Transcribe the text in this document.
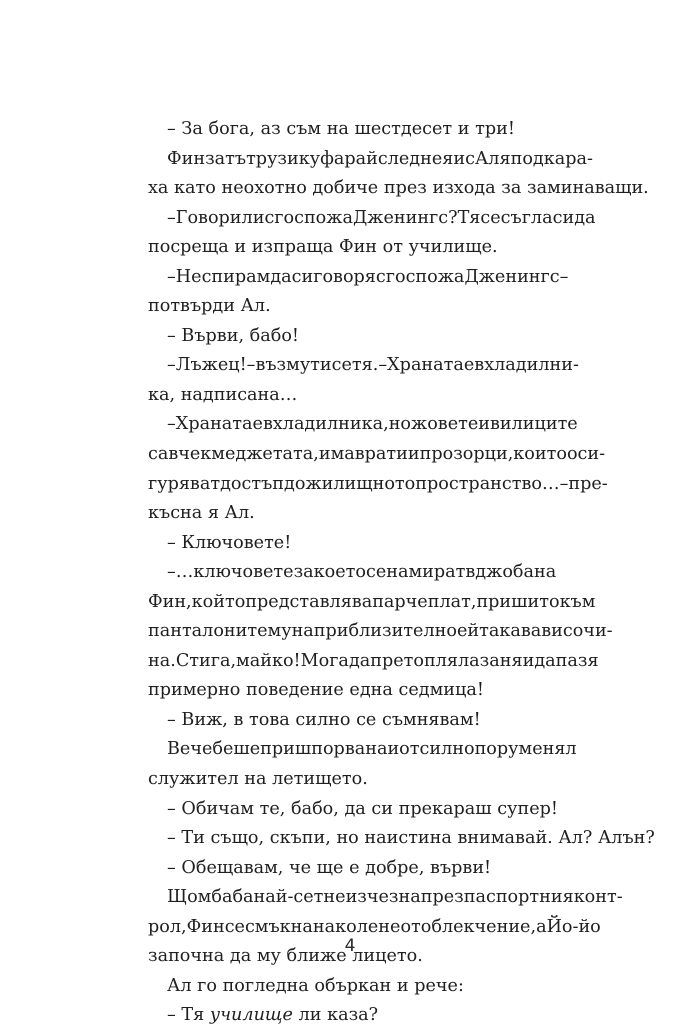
– За бога, аз съм на шестдесет и три!
Фин затътрузи куфара й след нея и с Ал я подкара-
ха като неохотно добиче през изхода за заминаващи.
– Говори ли с госпожа Дженингс? Тя се съгласи да
посреща и изпраща Фин от училище.
– Не спирам да си говоря с госпожа Дженингс –
потвърди Ал.
– Върви, бабо!
– Лъжец! – възмути се тя. – Храната е в хладилни-
ка, надписана…
– Храната е в хладилника, ножовете и вилиците
са в чекмеджетата, има врати и прозорци, които оси-
гуряват достъп до жилищното пространство… – пре-
късна я Ал.
– Ключовете!
– …ключовете за което се намират в джоба на
Фин, който представлява парче плат, пришито към
панталоните му на приблизително ей такава височи-
на. Стига, майко! Мога да претопля лазаня и да пазя
примерно поведение една седмица!
– Виж, в това силно се съмнявам!
Вече беше пришпорвана и от силно поруменял
служител на летището.
– Обичам те, бабо, да си прекараш супер!
– Ти също, скъпи, но наистина внимавай. Ал? Алън?
– Обещавам, че ще е добре, върви!
Щом баба най-сетне изчезна през паспортния конт-
рол, Фин се смъкна на колене от облекчение, а Йо-йо
започна да му ближе лицето.
Ал го погледна объркан и рече:
– Тя училище ли каза?
4
